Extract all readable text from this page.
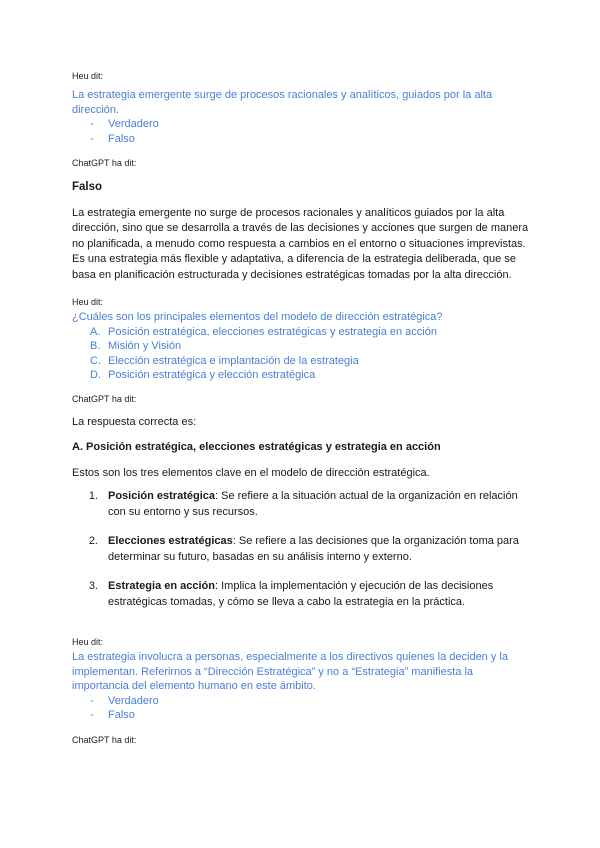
Heu dit:

La estrategia emergente surge de procesos racionales y analíticos, guiados por la alta dirección.

-	Verdadero
-	Falso

ChatGPT ha dit:

Falso

La estrategia emergente no surge de procesos racionales y analíticos guiados por la alta dirección, sino que se desarrolla a través de las decisiones y acciones que surgen de manera no planificada, a menudo como respuesta a cambios en el entorno o situaciones imprevistas. Es una estrategia más flexible y adaptativa, a diferencia de la estrategia deliberada, que se basa en planificación estructurada y decisiones estratégicas tomadas por la alta dirección.

Heu dit:

¿Cuáles son los principales elementos del modelo de dirección estratégica?

A. Posición estratégica, elecciones estratégicas y estrategia en acción
B. Misión y Visión
C. Elección estratégica e implantación de la estrategia
D. Posición estratégica y elección estratégica

ChatGPT ha dit:

La respuesta correcta es:

A. Posición estratégica, elecciones estratégicas y estrategia en acción

Estos son los tres elementos clave en el modelo de dirección estratégica.

1. Posición estratégica: Se refiere a la situación actual de la organización en relación con su entorno y sus recursos.
2. Elecciones estratégicas: Se refiere a las decisiones que la organización toma para determinar su futuro, basadas en su análisis interno y externo.
3. Estrategia en acción: Implica la implementación y ejecución de las decisiones estratégicas tomadas, y cómo se lleva a cabo la estrategia en la práctica.

Heu dit:

La estrategia involucra a personas, especialmente a los directivos quienes la deciden y la implementan. Referirnos a “Dirección Estratégica” y no a “Estrategia” manifiesta la importancia del elemento humano en este ámbito.

-	Verdadero
-	Falso

ChatGPT ha dit:
